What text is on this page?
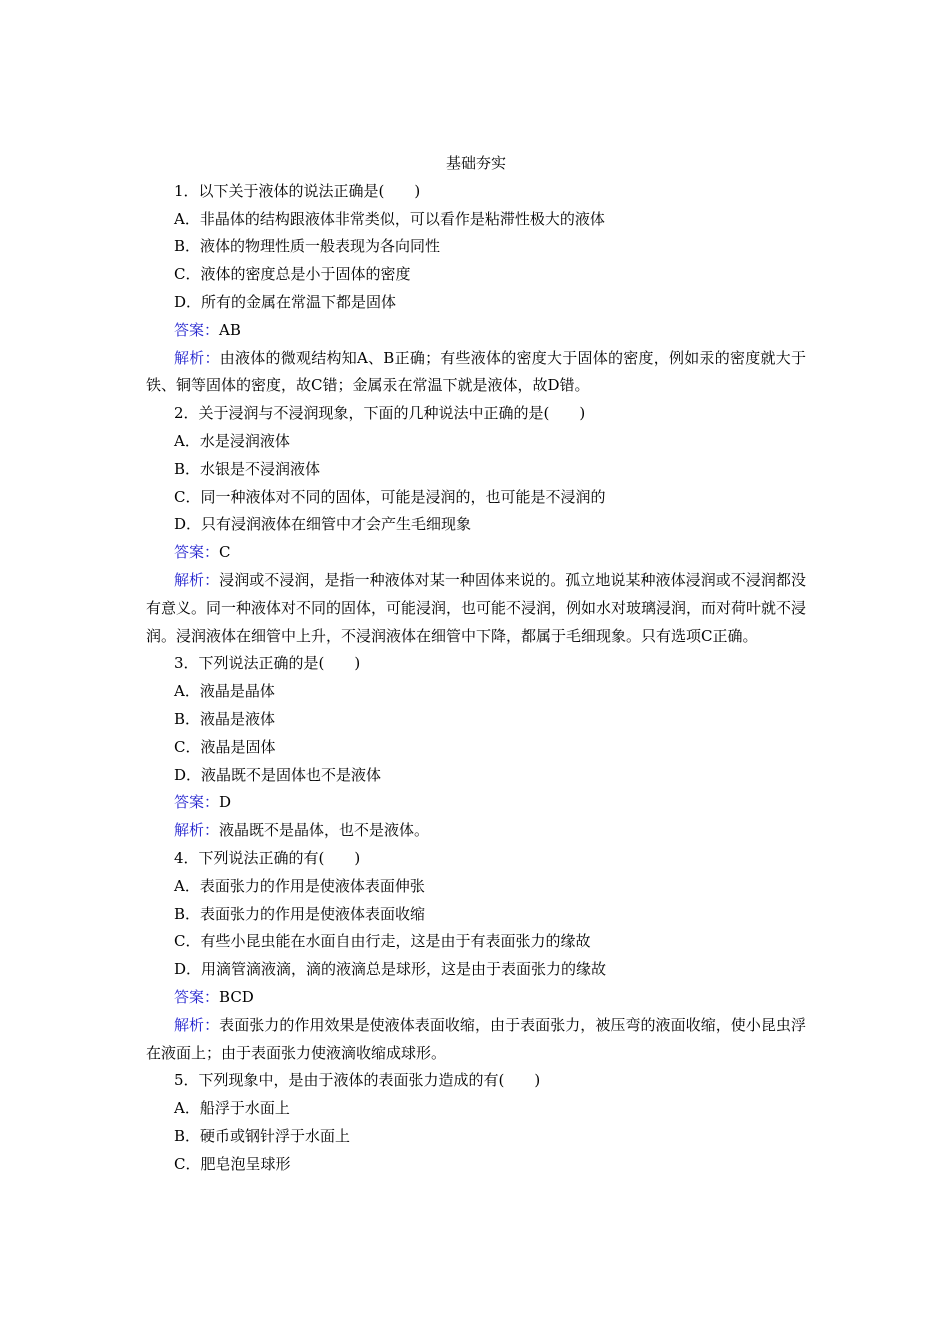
基础夯实
1．以下关于液体的说法正确是(　　)
A．非晶体的结构跟液体非常类似，可以看作是粘滞性极大的液体
B．液体的物理性质一般表现为各向同性
C．液体的密度总是小于固体的密度
D．所有的金属在常温下都是固体
答案：AB
解析：由液体的微观结构知A、B正确；有些液体的密度大于固体的密度，例如汞的密度就大于铁、铜等固体的密度，故C错；金属汞在常温下就是液体，故D错。
2．关于浸润与不浸润现象，下面的几种说法中正确的是(　　)
A．水是浸润液体
B．水银是不浸润液体
C．同一种液体对不同的固体，可能是浸润的，也可能是不浸润的
D．只有浸润液体在细管中才会产生毛细现象
答案：C
解析：浸润或不浸润，是指一种液体对某一种固体来说的。孤立地说某种液体浸润或不浸润都没有意义。同一种液体对不同的固体，可能浸润，也可能不浸润，例如水对玻璃浸润，而对荷叶就不浸润。浸润液体在细管中上升，不浸润液体在细管中下降，都属于毛细现象。只有选项C正确。
3．下列说法正确的是(　　)
A．液晶是晶体
B．液晶是液体
C．液晶是固体
D．液晶既不是固体也不是液体
答案：D
解析：液晶既不是晶体，也不是液体。
4．下列说法正确的有(　　)
A．表面张力的作用是使液体表面伸张
B．表面张力的作用是使液体表面收缩
C．有些小昆虫能在水面自由行走，这是由于有表面张力的缘故
D．用滴管滴液滴，滴的液滴总是球形，这是由于表面张力的缘故
答案：BCD
解析：表面张力的作用效果是使液体表面收缩，由于表面张力，被压弯的液面收缩，使小昆虫浮在液面上；由于表面张力使液滴收缩成球形。
5．下列现象中，是由于液体的表面张力造成的有(　　)
A．船浮于水面上
B．硬币或钢针浮于水面上
C．肥皂泡呈球形
